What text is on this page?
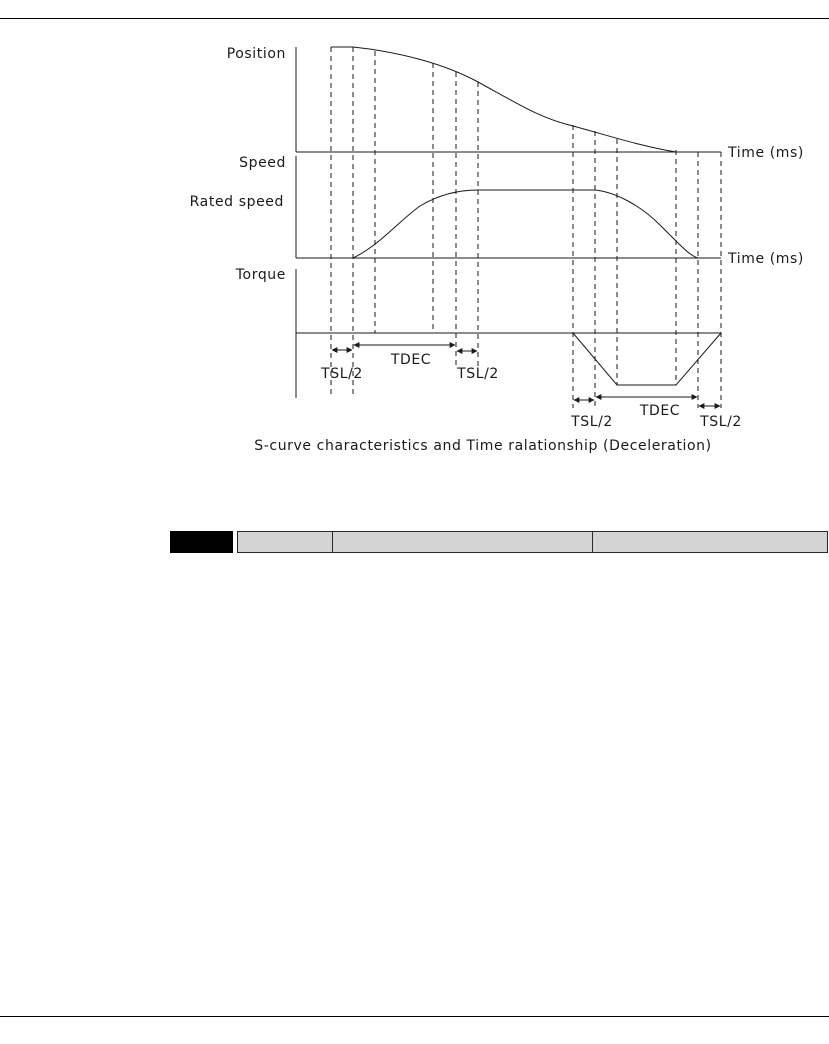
Position
Speed
Rated speed
Torque
Time (ms)
Time (ms)
TSL/2
TDEC
TSL/2
TSL/2
TDEC
TSL/2
S-curve characteristics and Time ralationship (Deceleration)
